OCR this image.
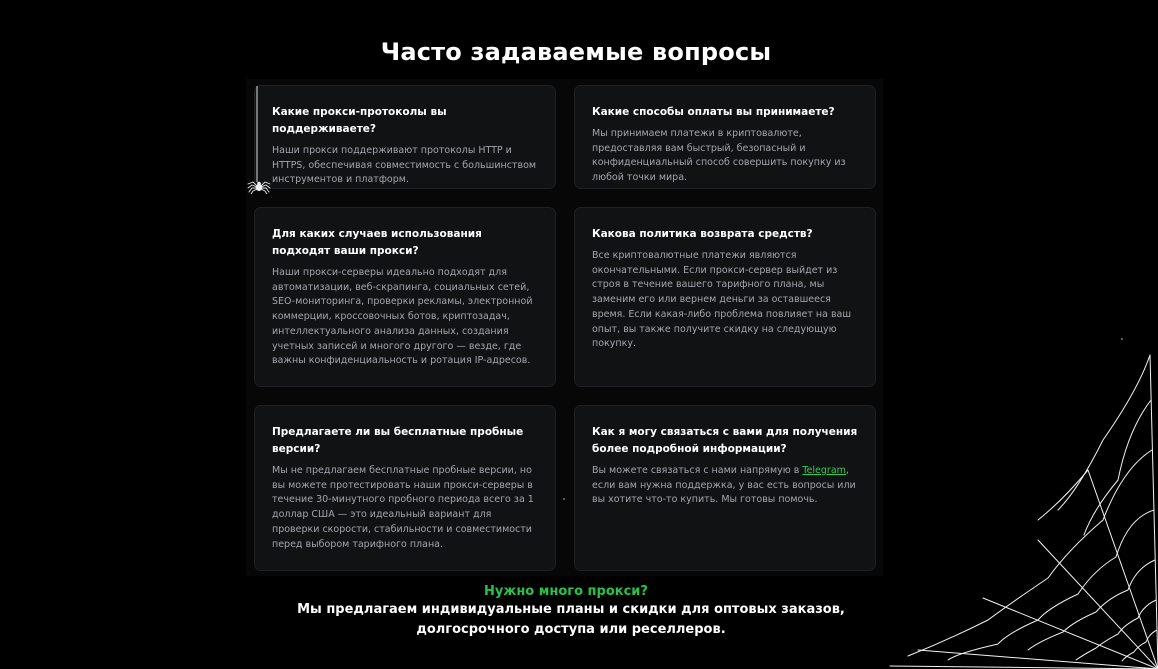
Часто задаваемые вопросы

Какие прокси-протоколы вы поддерживаете?

Наши прокси поддерживают протоколы HTTP и HTTPS, обеспечивая совместимость с большинством инструментов и платформ.

Какие способы оплаты вы принимаете?

Мы принимаем платежи в криптовалюте, предоставляя вам быстрый, безопасный и конфиденциальный способ совершить покупку из любой точки мира.

Для каких случаев использования подходят ваши прокси?

Наши прокси-серверы идеально подходят для автоматизации, веб-скрапинга, социальных сетей, SEO-мониторинга, проверки рекламы, электронной коммерции, кроссовочных ботов, криптозадач, интеллектуального анализа данных, создания учетных записей и многого другого — везде, где важны конфиденциальность и ротация IP-адресов.

Какова политика возврата средств?

Все криптовалютные платежи являются окончательными. Если прокси-сервер выйдет из строя в течение вашего тарифного плана, мы заменим его или вернем деньги за оставшееся время. Если какая-либо проблема повлияет на ваш опыт, вы также получите скидку на следующую покупку.

Предлагаете ли вы бесплатные пробные версии?

Мы не предлагаем бесплатные пробные версии, но вы можете протестировать наши прокси-серверы в течение 30-минутного пробного периода всего за 1 доллар США — это идеальный вариант для проверки скорости, стабильности и совместимости перед выбором тарифного плана.

Как я могу связаться с вами для получения более подробной информации?

Вы можете связаться с нами напрямую в Telegram, если вам нужна поддержка, у вас есть вопросы или вы хотите что-то купить. Мы готовы помочь.

Нужно много прокси?

Мы предлагаем индивидуальные планы и скидки для оптовых заказов, долгосрочного доступа или реселлеров.
